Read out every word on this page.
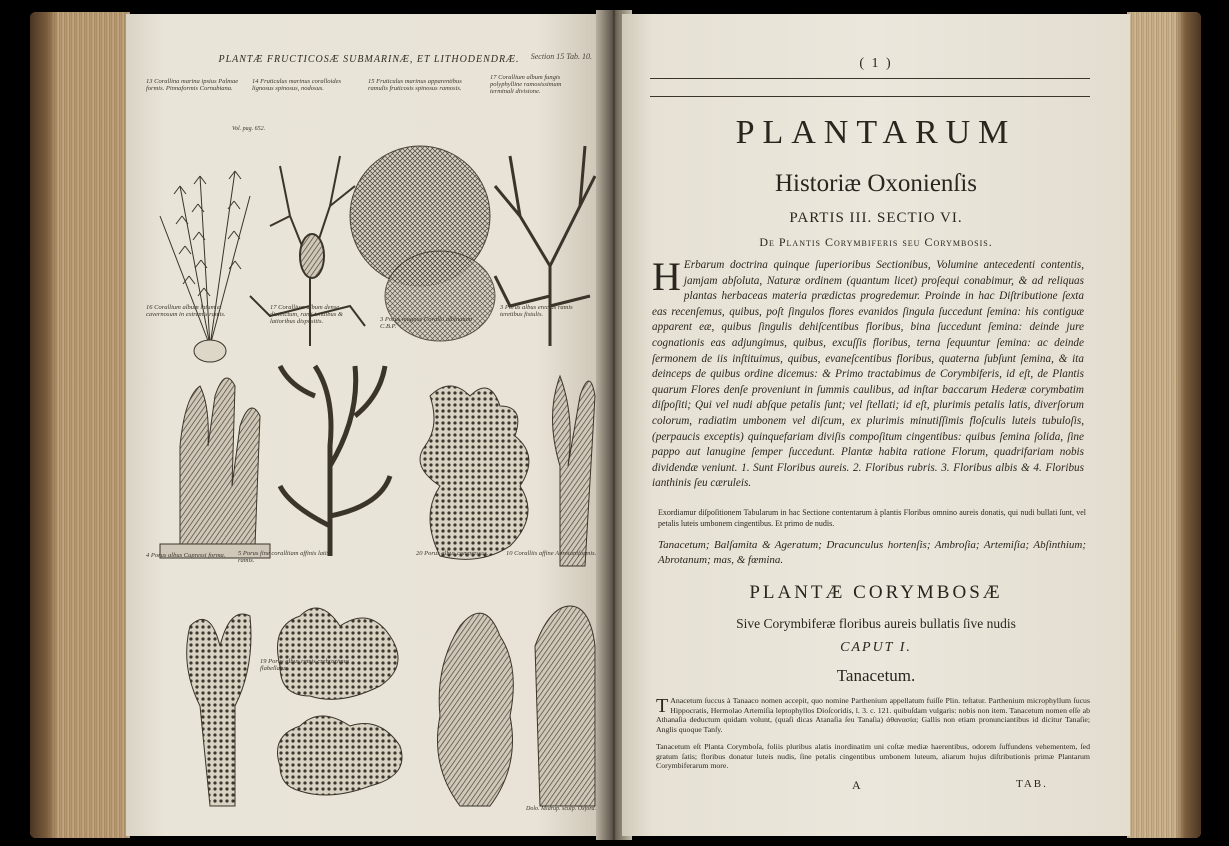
PLANTÆ FRUCTICOSÆ SUBMARINÆ, ET LITHODENDRÆ.	Section 15 Tab. 10.
13 Corallina marina ipsius Palmae formis. Pinnaformis Cornubiana.
14 Fruticulus marinus coralloides lignosus spinosus, nodosus.
15 Fruticulus marinus apparentibus ramulis fruticosis spinosus ramosis.
17 Corallium album fungis polyphylline ramosissimum terminali divisione.
16 Corallium album latum et cavernosum in extremis ramis.
17 Corallium album dense distinctum, rami tenuibus & latioribus dispositis.	3 Porus magnus Corallo albinatum C.B.P.
3 Porus albus erectus ramis teretibus fistulis.
4 Porus albus Cupressi forma.	5 Porus fine coralliiam affinis latis ramis.
20 Porus albus compressus.	10 Coralliis affine Abrotaniformis.
19 Porus albus ramis crebrarimus flabellatus.
Vol. pag. 652.
Dolo. Midrup. sculp. Oxford.
( 1 )
PLANTARUM
Historiæ Oxonienſis
PARTIS III. SECTIO VI.
De Plantis Corymbiferis ſeu Corymbosis.
H Erbarum doctrina quinque ſuperioribus Sectionibus, Volumine antecedenti contentis, jamjam abſoluta, Naturæ ordinem (quantum licet) proſequi conabimur, & ad reliquas plantas herbaceas materia prædictas progredemur. Proinde in hac Diſtributione ſexta eas recenſemus, quibus, poſt ſingulos flores evanidos ſingula ſuccedunt ſemina: his contiguæ apparent eæ, quibus ſingulis dehiſcentibus floribus, bina ſuccedunt ſemina: deinde jure cognationis eas adjungimus, quibus, excuſſis floribus, terna ſequuntur ſemina: ac deinde ſermonem de iis inſtituimus, quibus, evaneſcentibus floribus, quaterna ſubſunt ſemina, & ita deinceps de quibus ordine dicemus: & Primo tractabimus de Corymbiferis, id eſt, de Plantis quarum Flores denſe proveniunt in ſummis caulibus, ad inſtar baccarum Hederæ corymbatim diſpoſiti; Qui vel nudi abſque petalis ſunt; vel ſtellati; id eſt, plurimis petalis latis, diverſorum colorum, radiatim umbonem vel diſcum, ex plurimis minutiſſimis floſculis luteis tubuloſis, (perpaucis exceptis) quinquefariam diviſis compoſitum cingentibus: quibus ſemina ſolida, ſine pappo aut lanugine ſemper ſuccedunt. Plantæ habita ratione Florum, quadrifariam nobis dividendæ veniunt. 1. Sunt Floribus aureis. 2. Floribus rubris. 3. Floribus albis & 4. Floribus ianthinis ſeu cæruleis.
Exordiamur diſpoſitionem Tabularum in hac Sectione contentarum à plantis Floribus omnino aureis donatis, qui nudi bullati ſunt, vel petalis luteis umbonem cingentibus. Et primo de nudis.
Tanacetum; Balſamita & Ageratum; Dracunculus hortenſis; Ambroſia; Artemiſia; Abſinthium; Abrotanum; mas, & fœmina.
PLANTÆ CORYMBOSÆ
Sive Corymbiferæ floribus aureis bullatis ſive nudis
CAPUT I.
Tanacetum.
T Anacetum ſuccus à Tanaaco nomen accepit, quo nomine Parthenium appellatum fuiſſe Plin. teſtatur. Parthenium microphyllum ſucus Hippocratis, Hermolao Artemiſia leptophyllos Dioſcoridis, l. 3. c. 121. quibuſdam vulgaris: nobis non item. Tanacetum nomen eſſe ab Athanaſia deductum quidam volunt, (quaſi dicas Atanaſia ſeu Tanaſia) ἀθανασία; Gallis non etiam pronunciantibus id dicitur Tanaſie; Anglis quoque Tanſy.
Tanacetum eſt Planta Corymboſa, foliis pluribus alatis inordinatim uni coſtæ mediæ haerentibus, odorem ſuffundens vehementem, ſed gratum ſatis; floribus donatur luteis nudis, ſine petalis cingentibus umbonem luteum, aliarum hujus diſtributionis primæ Plantarum Corymbiferarum more.
A	TAB.
